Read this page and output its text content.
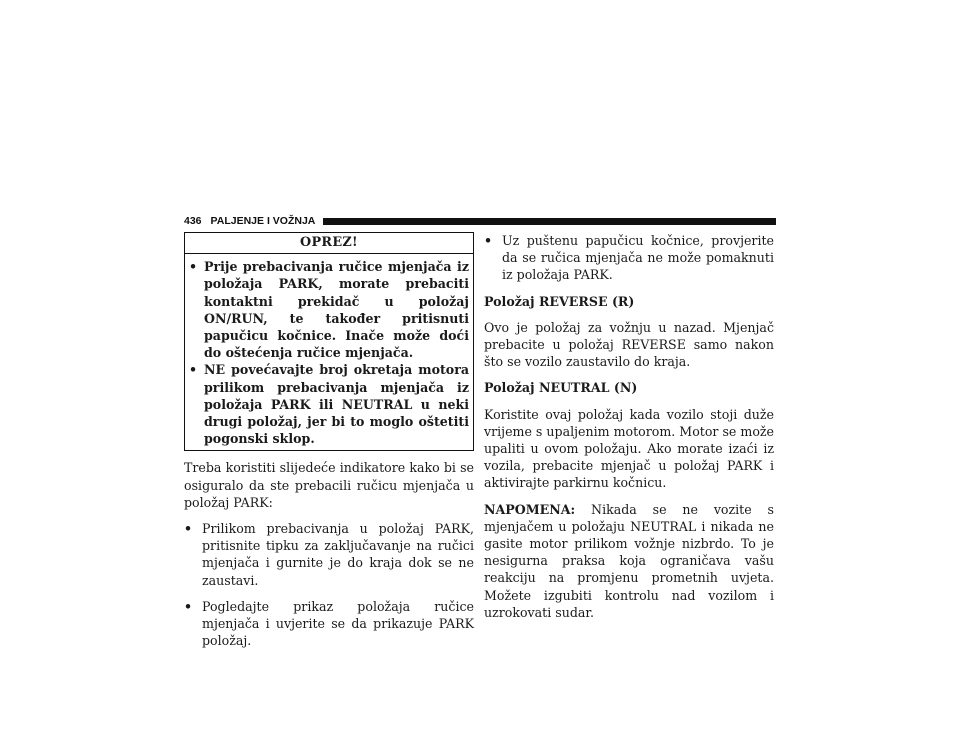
436 PALJENJE I VOŽNJA
OPREZ!
• Prije prebacivanja ručice mjenjača iz položaja PARK, morate prebaciti kontaktni prekidač u položaj ON/RUN, te također pritisnuti papučicu kočnice. Inače može doći do oštećenja ručice mjenjača.
• NE povećavajte broj okretaja motora prilikom prebacivanja mjenjača iz položaja PARK ili NEUTRAL u neki drugi položaj, jer bi to moglo oštetiti pogonski sklop.

Treba koristiti slijedeće indikatore kako bi se osiguralo da ste prebacili ručicu mjenjača u položaj PARK:

• Prilikom prebacivanja u položaj PARK, pritisnite tipku za zaključavanje na ručici mjenjača i gurnite je do kraja dok se ne zaustavi.
• Pogledajte prikaz položaja ručice mjenjača i uvjerite se da prikazuje PARK položaj.
• Uz puštenu papučicu kočnice, provjerite da se ručica mjenjača ne može pomaknuti iz položaja PARK.
Položaj REVERSE (R)

Ovo je položaj za vožnju u nazad. Mjenjač prebacite u položaj REVERSE samo nakon što se vozilo zaustavilo do kraja.

Položaj NEUTRAL (N)

Koristite ovaj položaj kada vozilo stoji duže vrijeme s upaljenim motorom. Motor se može upaliti u ovom položaju. Ako morate izaći iz vozila, prebacite mjenjač u položaj PARK i aktivirajte parkirnu kočnicu.

NAPOMENA: Nikada se ne vozite s mjenjačem u položaju NEUTRAL i nikada ne gasite motor prilikom vožnje nizbrdo. To je nesigurna praksa koja ograničava vašu reakciju na promjenu prometnih uvjeta. Možete izgubiti kontrolu nad vozilom i uzrokovati sudar.
